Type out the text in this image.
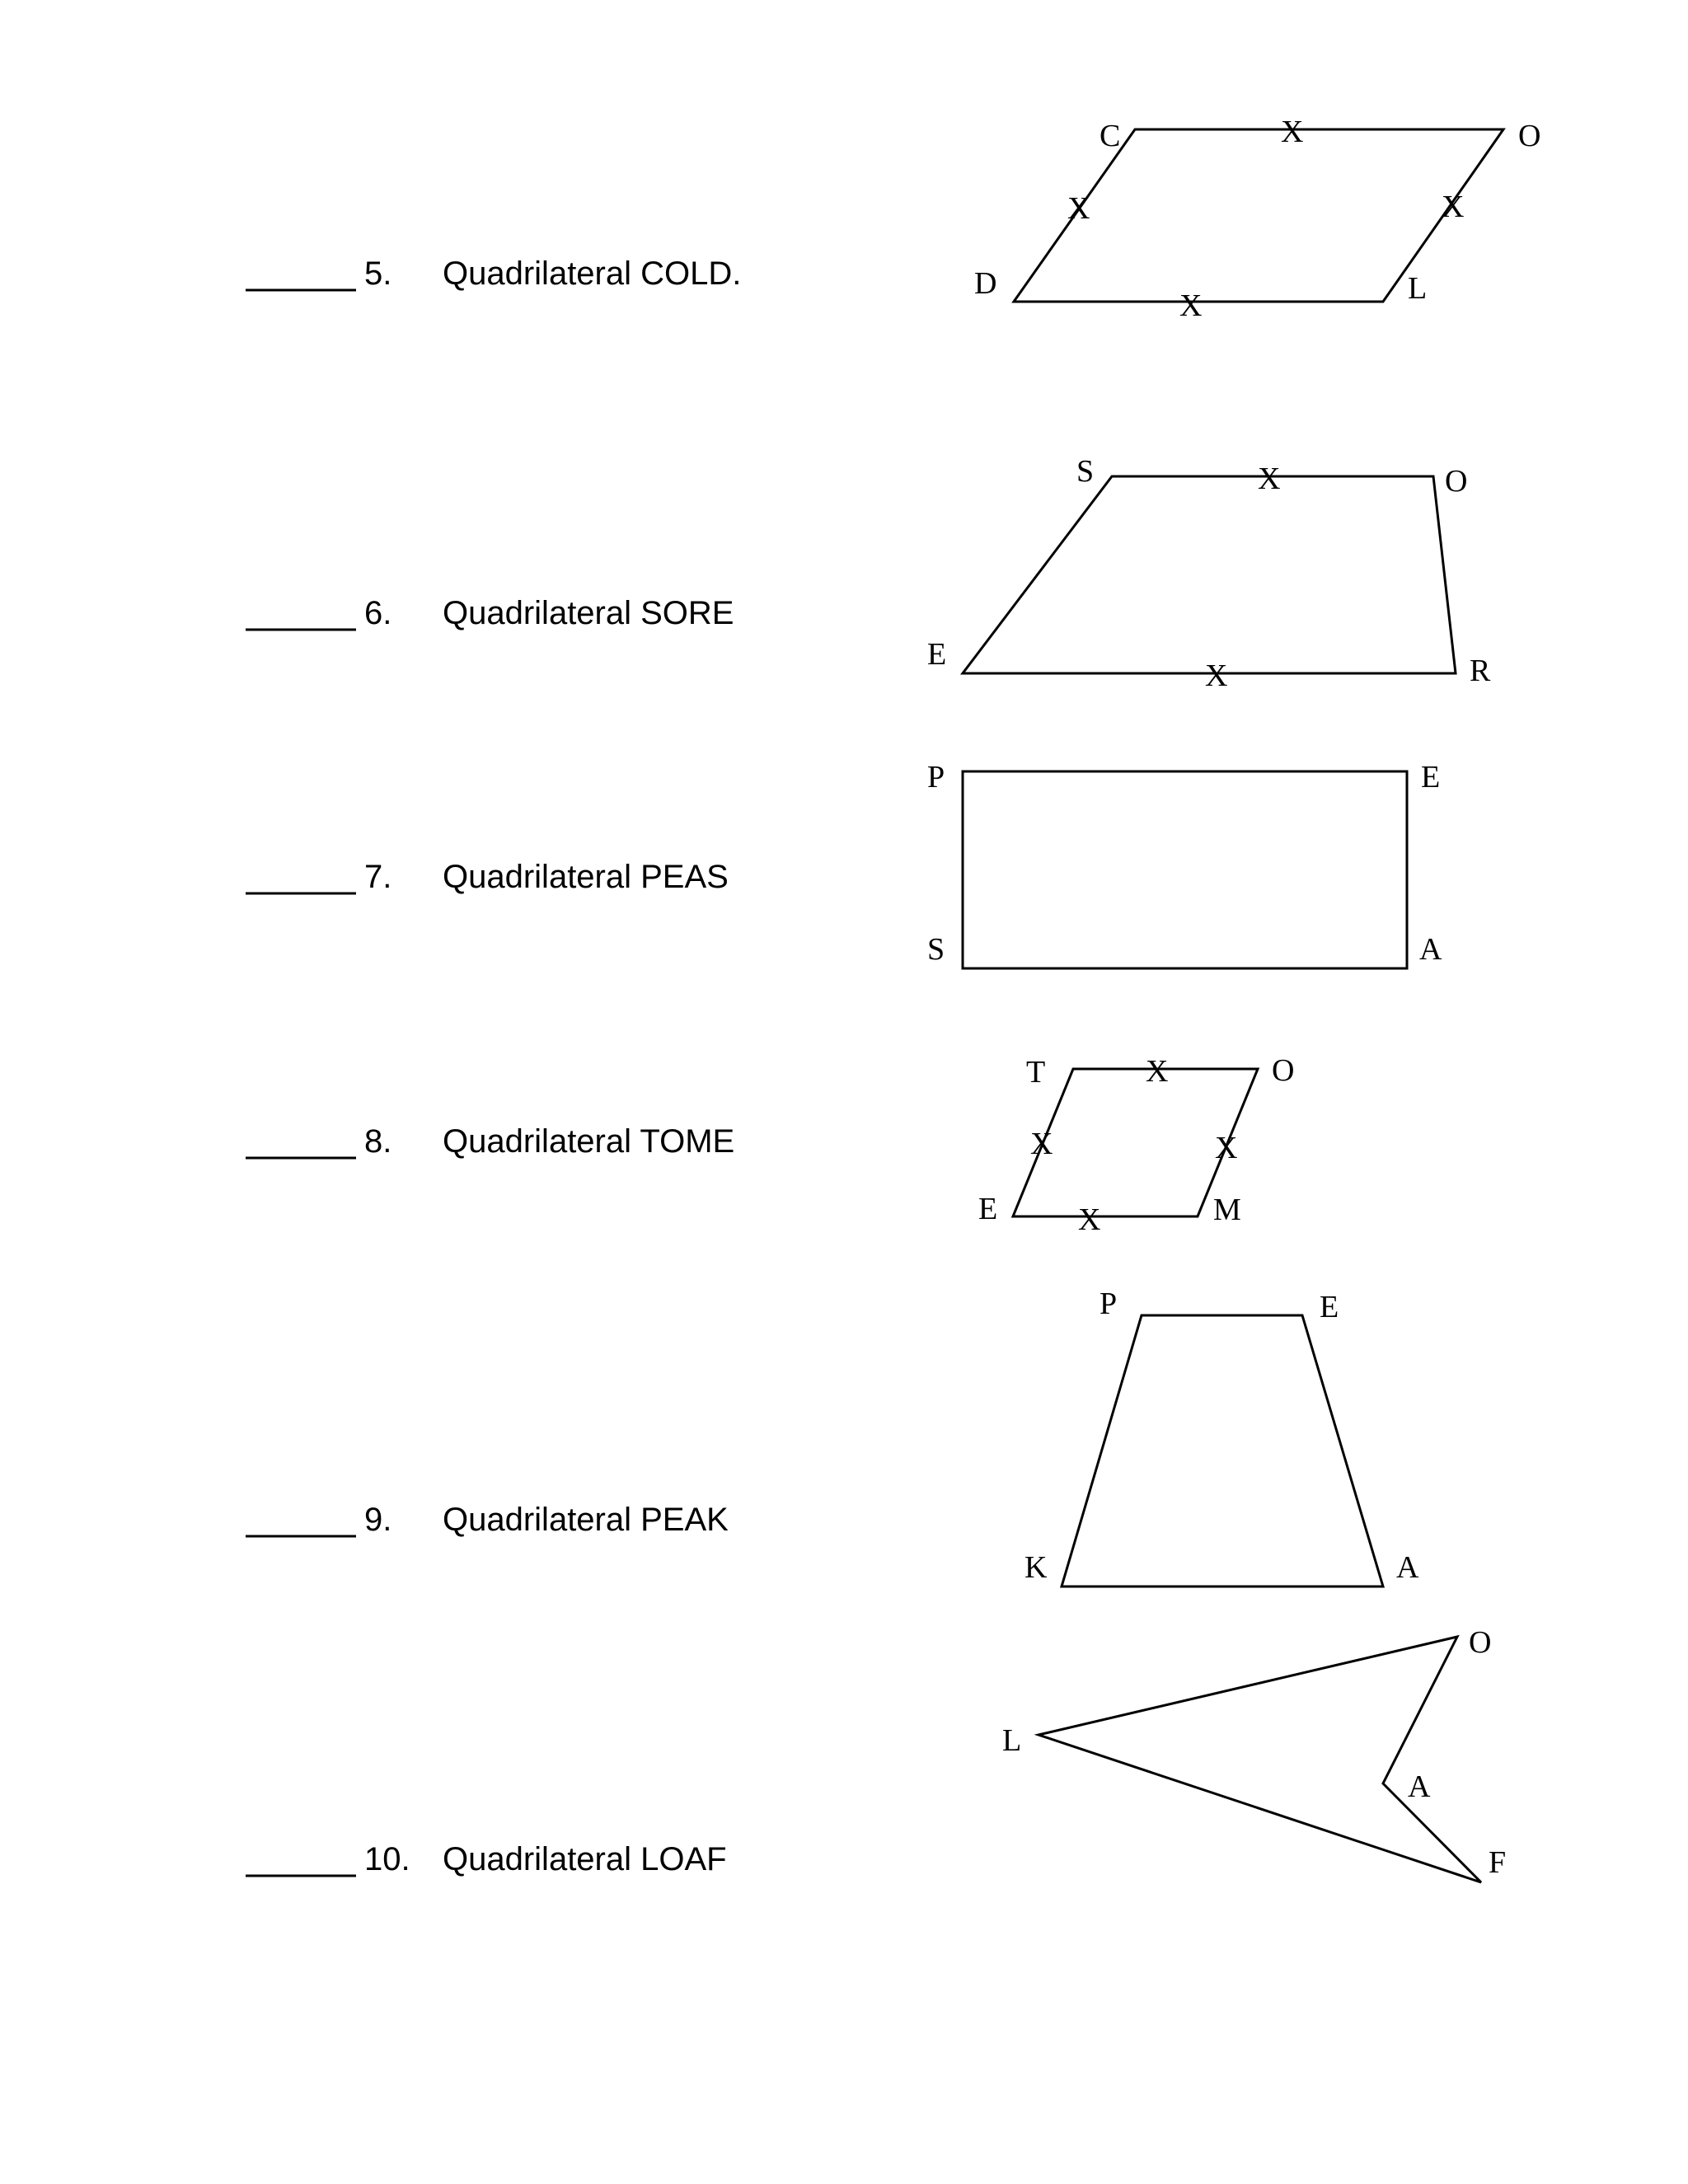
5. Quadrilateral COLD.
6. Quadrilateral SORE
7. Quadrilateral PEAS
8. Quadrilateral TOME
9. Quadrilateral PEAK
10. Quadrilateral LOAF
C	O
L
D
X
X	X
X
S	O
R
E
X
X
P	E
A
S
T	O
M
E
X
X	X
X
P	E
A
K
L
O
A
F
